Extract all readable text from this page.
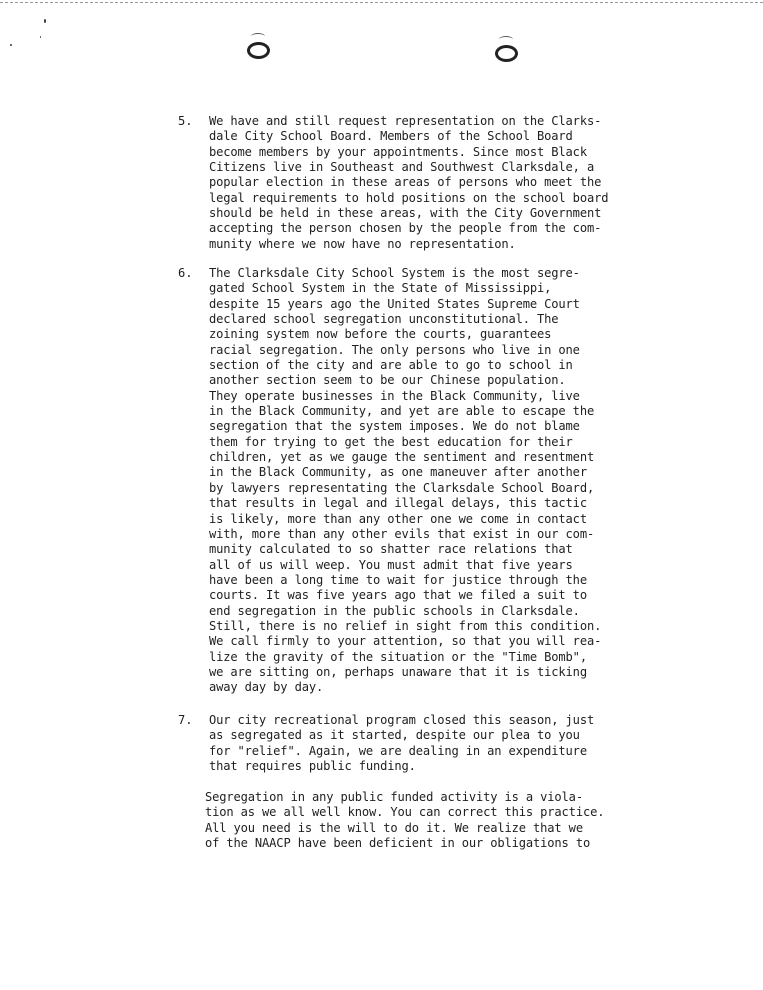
5. We have and still request representation on the Clarks-
dale City School Board. Members of the School Board
become members by your appointments. Since most Black
Citizens live in Southeast and Southwest Clarksdale, a
popular election in these areas of persons who meet the
legal requirements to hold positions on the school board
should be held in these areas, with the City Government
accepting the person chosen by the people from the com-
munity where we now have no representation.
6. The Clarksdale City School System is the most segre-
gated School System in the State of Mississippi,
despite 15 years ago the United States Supreme Court
declared school segregation unconstitutional. The
zoining system now before the courts, guarantees
racial segregation. The only persons who live in one
section of the city and are able to go to school in
another section seem to be our Chinese population.
They operate businesses in the Black Community, live
in the Black Community, and yet are able to escape the
segregation that the system imposes. We do not blame
them for trying to get the best education for their
children, yet as we gauge the sentiment and resentment
in the Black Community, as one maneuver after another
by lawyers representating the Clarksdale School Board,
that results in legal and illegal delays, this tactic
is likely, more than any other one we come in contact
with, more than any other evils that exist in our com-
munity calculated to so shatter race relations that
all of us will weep. You must admit that five years
have been a long time to wait for justice through the
courts. It was five years ago that we filed a suit to
end segregation in the public schools in Clarksdale.
Still, there is no relief in sight from this condition.
We call firmly to your attention, so that you will rea-
lize the gravity of the situation or the "Time Bomb",
we are sitting on, perhaps unaware that it is ticking
away day by day.
7. Our city recreational program closed this season, just
as segregated as it started, despite our plea to you
for "relief". Again, we are dealing in an expenditure
that requires public funding.
Segregation in any public funded activity is a viola-
tion as we all well know. You can correct this practice.
All you need is the will to do it. We realize that we
of the NAACP have been deficient in our obligations to
